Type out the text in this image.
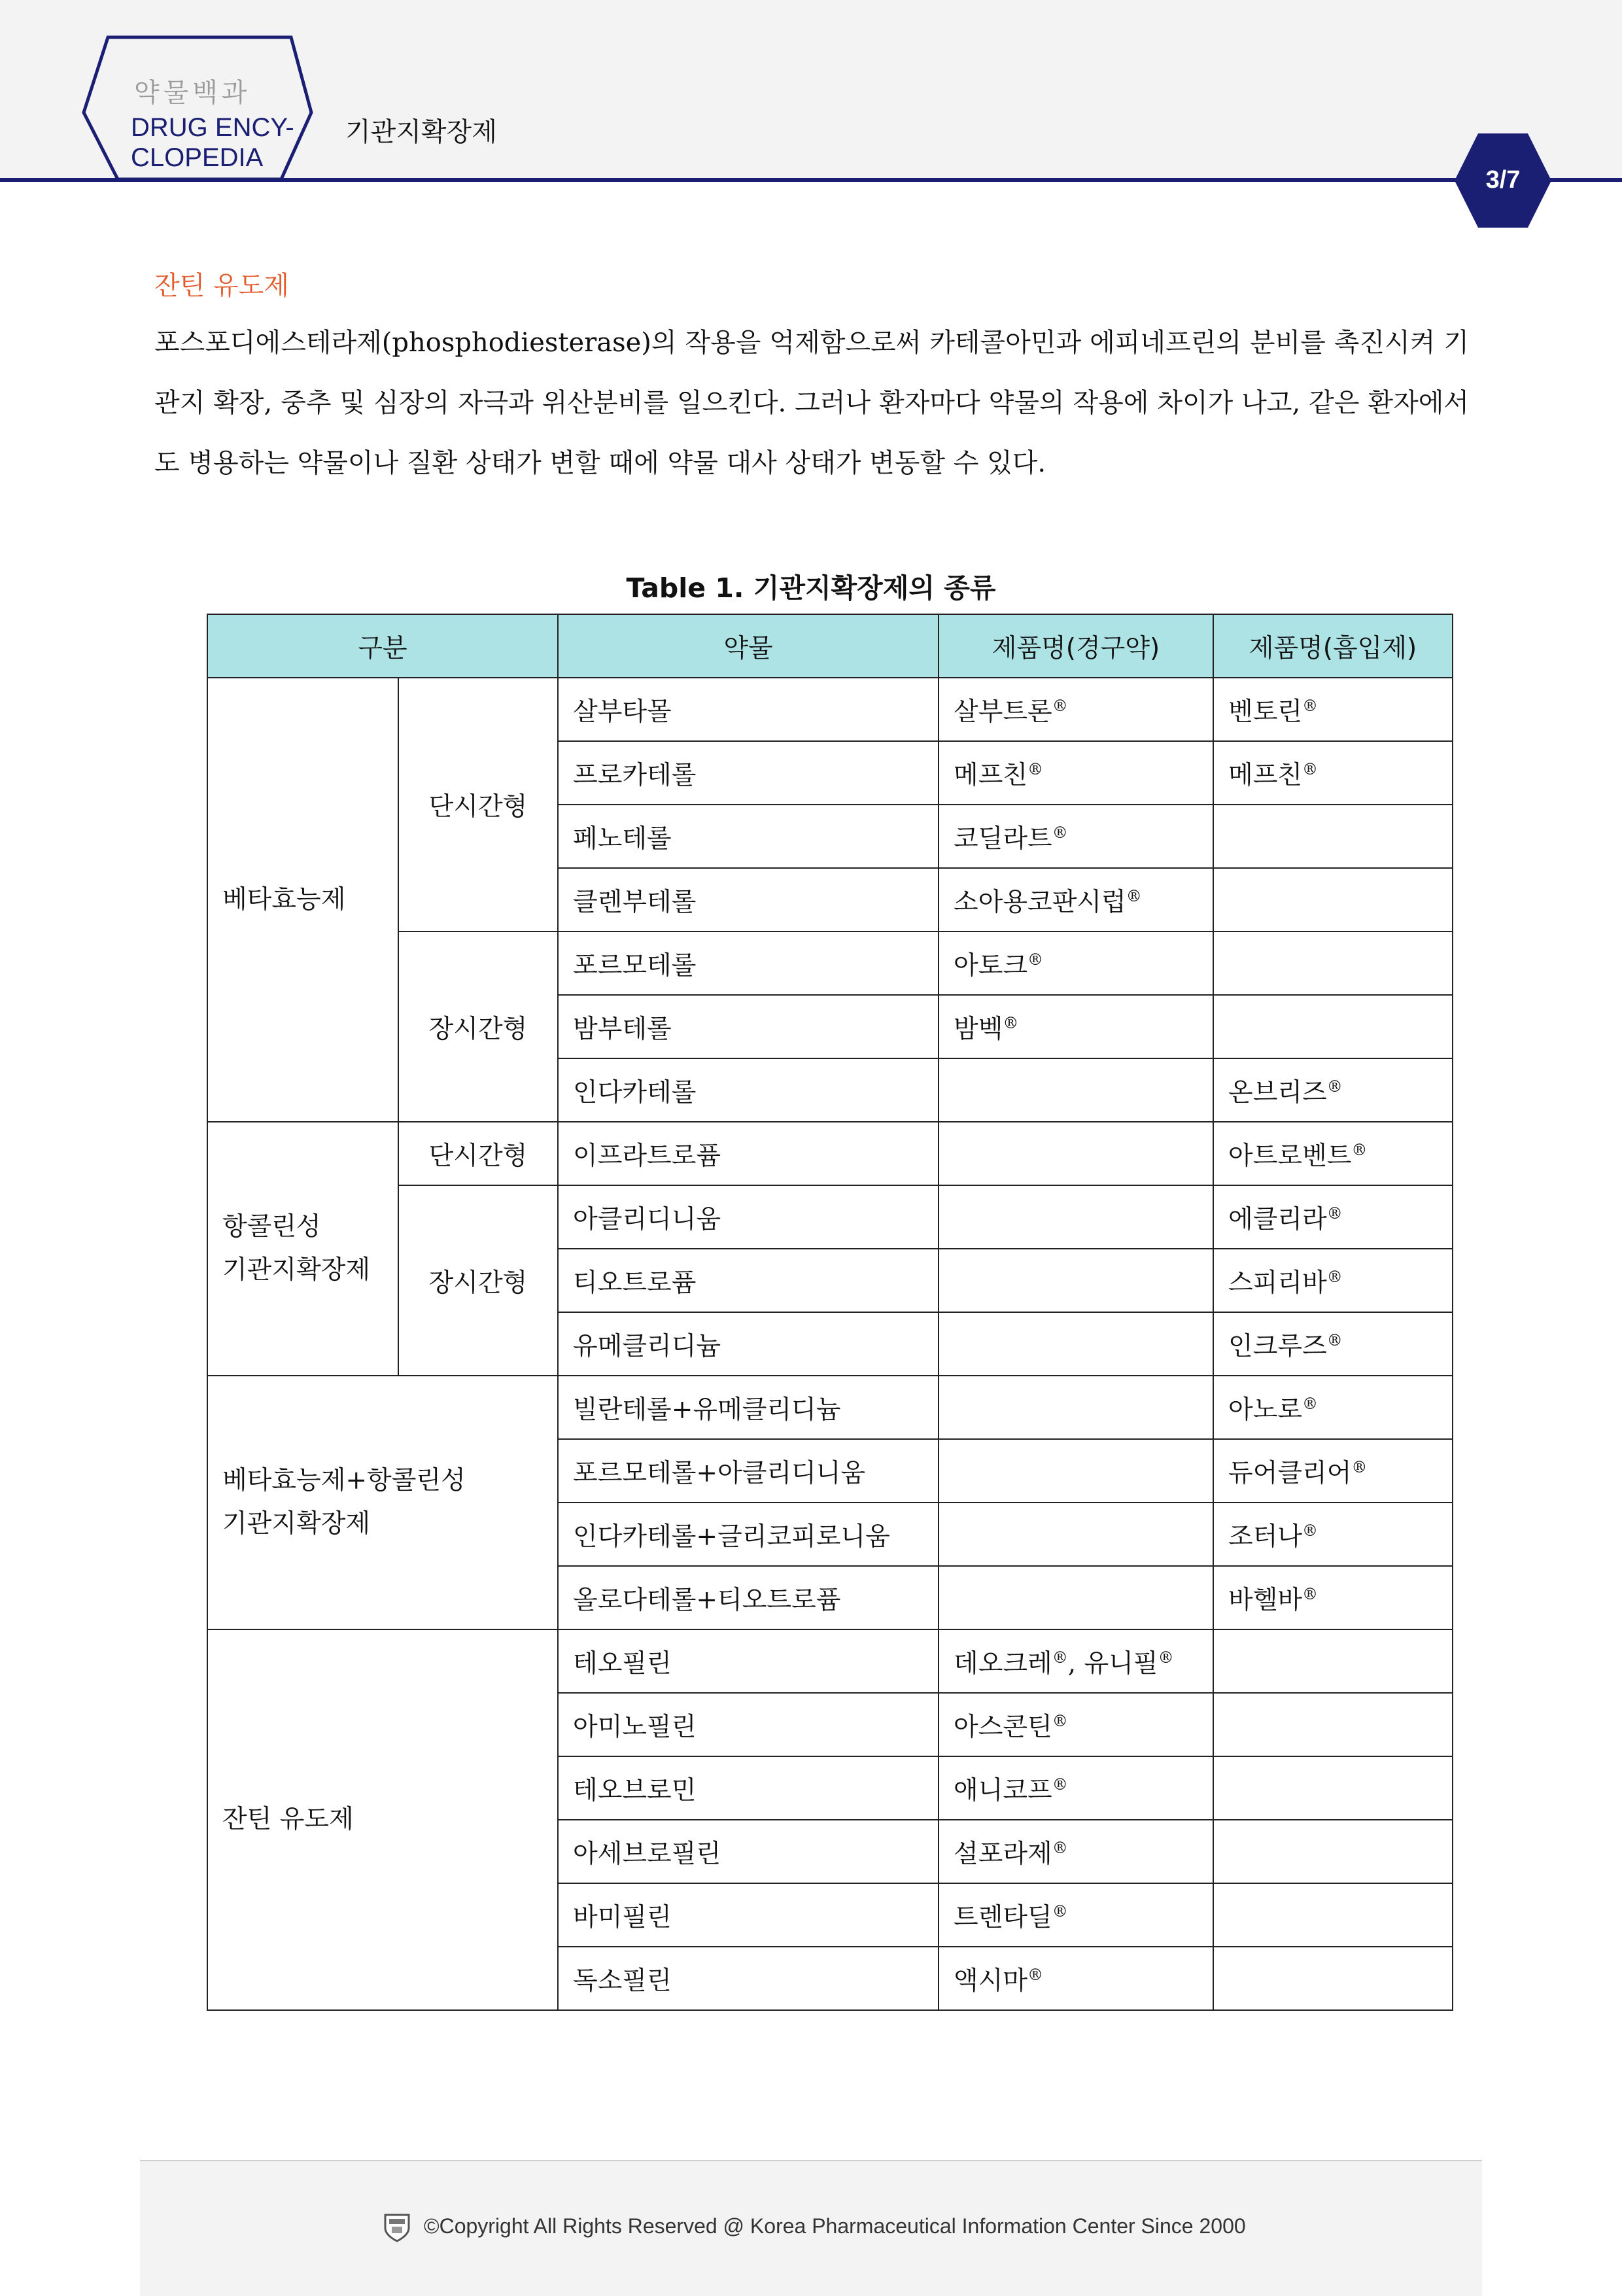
약물백과
DRUG ENCY-
CLOPEDIA
기관지확장제
3/7
잔틴 유도제
포스포디에스테라제(phosphodiesterase)의 작용을 억제함으로써 카테콜아민과 에피네프린의 분비를 촉진시켜 기관지 확장, 중추 및 심장의 자극과 위산분비를 일으킨다. 그러나 환자마다 약물의 작용에 차이가 나고, 같은 환자에서도 병용하는 약물이나 질환 상태가 변할 때에 약물 대사 상태가 변동할 수 있다.
Table 1. 기관지확장제의 종류
구분		약물	제품명(경구약)	제품명(흡입제)
베타효능제	단시간형	살부타몰	살부트론®	벤토린®
		프로카테롤	메프친®	메프친®
		페노테롤	코딜라트®	
		클렌부테롤	소아용코판시럽®	
	장시간형	포르모테롤	아토크®	
		밤부테롤	밤벡®	
		인다카테롤		온브리즈®

항콜린성
기관지확장제	단시간형	이프라트로퓸		아트로벤트®
	장시간형	아클리디니움		에클리라®
		티오트로퓸		스피리바®
		유메클리디늄		인크루즈®

베타효능제+항콜린성
기관지확장제		빌란테롤+유메클리디늄		아노로®
		포르모테롤+아클리디니움		듀어클리어®
		인다카테롤+글리코피로니움		조터나®
		올로다테롤+티오트로퓸		바헬바®
잔틴 유도제		테오필린	데오크레®, 유니필®	
		아미노필린	아스콘틴®	
		테오브로민	애니코프®	
		아세브로필린	설포라제®	
		바미필린	트렌타딜®	
		독소필린	액시마®	
©Copyright All Rights Reserved @ Korea Pharmaceutical Information Center Since 2000
